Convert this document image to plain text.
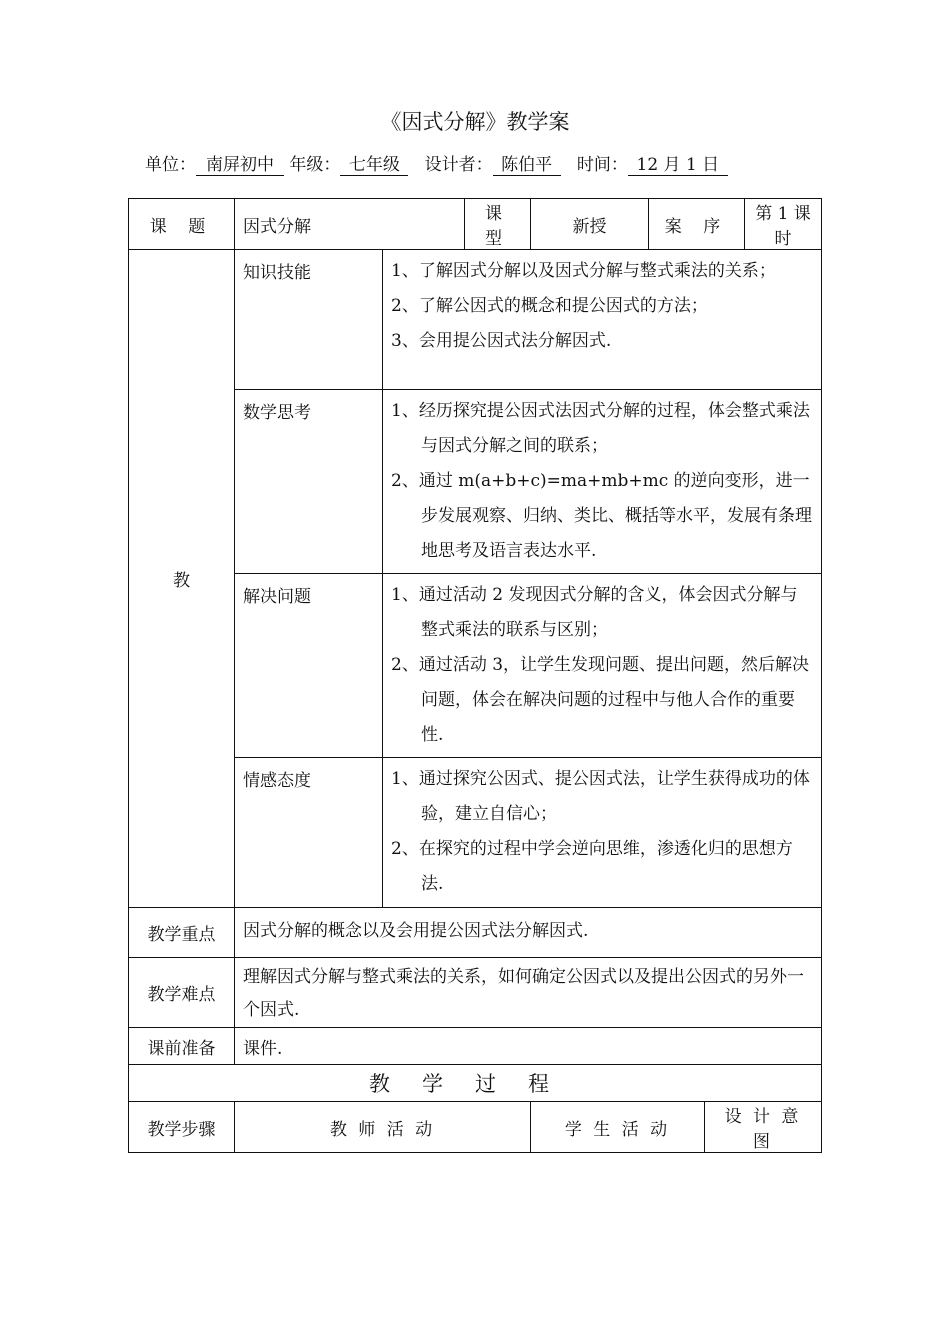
《因式分解》教学案
单位： 南屏初中 年级： 七年级 设计者： 陈伯平 时间： 12 月 1 日
课 题	因式分解		课 型	新授	案 序		第 1 课时
教	知识技能	1、了解因式分解以及因式分解与整式乘法的关系；
2、了解公因式的概念和提公因式的方法；
3、会用提公因式法分解因式.					

	数学思考	1、经历探究提公因式法因式分解的过程，体会整式乘法与因式分解之间的联系；
2、通过 m(a+b+c)=ma+mb+mc 的逆向变形，进一步发展观察、归纳、类比、概括等水平，发展有条理地思考及语言表达水平.					

	解决问题	1、通过活动 2 发现因式分解的含义，体会因式分解与整式乘法的联系与区别；
2、通过活动 3，让学生发现问题、提出问题，然后解决问题，体会在解决问题的过程中与他人合作的重要性.					

	情感态度	1、通过探究公因式、提公因式法，让学生获得成功的体验，建立自信心；
2、在探究的过程中学会逆向思维，渗透化归的思想方法.					

教学重点	因式分解的概念以及会用提公因式法分解因式.						
教学难点	理解因式分解与整式乘法的关系，如何确定公因式以及提出公因式的另外一个因式.						
课前准备	课件.						
教学过程							
教学步骤	教 师 活 动			学 生 活 动		设 计 意 图	
